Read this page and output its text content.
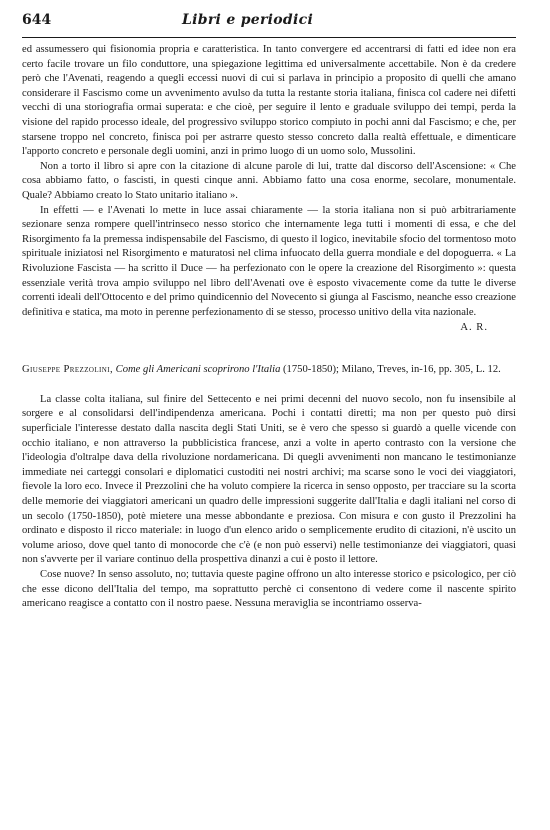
644	Libri e periodici

ed assumessero qui fisionomia propria e caratteristica. In tanto convergere ed accentrarsi di fatti ed idee non era certo facile trovare un filo conduttore, una spiegazione legittima ed universalmente accettabile. Non è da credere però che l'Avenati, reagendo a quegli eccessi nuovi di cui si parlava in principio a proposito di quelli che amano considerare il Fascismo come un avvenimento avulso da tutta la restante storia italiana, finisca col cadere nei difetti vecchi di una storiografia ormai superata: e che cioè, per seguire il lento e graduale sviluppo dei tempi, perda la visione del rapido processo ideale, del progressivo sviluppo storico compiuto in pochi anni dal Fascismo; e che, per starsene troppo nel concreto, finisca poi per astrarre questo stesso concreto dalla realtà effettuale, e dimenticare l'apporto concreto e personale degli uomini, anzi in primo luogo di un uomo solo, Mussolini.

Non a torto il libro si apre con la citazione di alcune parole di lui, tratte dal discorso dell'Ascensione: « Che cosa abbiamo fatto, o fascisti, in questi cinque anni. Abbiamo fatto una cosa enorme, secolare, monumentale. Quale? Abbiamo creato lo Stato unitario italiano ».

In effetti — e l'Avenati lo mette in luce assai chiaramente — la storia italiana non si può arbitrariamente sezionare senza rompere quell'intrinseco nesso storico che internamente lega tutti i momenti di essa, e che del Risorgimento fa la premessa indispensabile del Fascismo, di questo il logico, inevitabile sfocio del tormentoso moto spirituale iniziatosi nel Risorgimento e maturatosi nel clima infuocato della guerra mondiale e del dopoguerra. « La Rivoluzione Fascista — ha scritto il Duce — ha perfezionato con le opere la creazione del Risorgimento »: questa essenziale verità trova ampio sviluppo nel libro dell'Avenati ove è esposto vivacemente come da tutte le diverse correnti ideali dell'Ottocento e del primo quindicennio del Novecento si giunga al Fascismo, neanche esso creazione definitiva e statica, ma moto in perenne perfezionamento di se stesso, processo unitivo della vita nazionale.

A. R.
Giuseppe Prezzolini, Come gli Americani scoprirono l'Italia (1750-1850); Milano, Treves, in-16, pp. 305, L. 12.

La classe colta italiana, sul finire del Settecento e nei primi decenni del nuovo secolo, non fu insensibile al sorgere e al consolidarsi dell'indipendenza americana. Pochi i contatti diretti; ma non per questo può dirsi superficiale l'interesse destato dalla nascita degli Stati Uniti, se è vero che spesso si guardò a quelle vicende con occhio italiano, e non attraverso la pubblicistica francese, anzi a volte in aperto contrasto con la versione che l'ideologia d'oltralpe dava della rivoluzione nordamericana. Di quegli avvenimenti non mancano le testimonianze immediate nei carteggi consolari e diplomatici custoditi nei nostri archivi; ma scarse sono le voci dei viaggiatori, fievole la loro eco. Invece il Prezzolini che ha voluto compiere la ricerca in senso opposto, per tracciare su la scorta delle memorie dei viaggiatori americani un quadro delle impressioni suggerite dall'Italia e dagli italiani nel corso di un secolo (1750-1850), potè mietere una messe abbondante e preziosa. Con misura e con gusto il Prezzolini ha ordinato e disposto il ricco materiale: in luogo d'un elenco arido o semplicemente erudito di citazioni, n'è uscito un volume arioso, dove quel tanto di monocorde che c'è (e non può esservi) nelle testimonianze dei viaggiatori, quasi non s'avverte per il variare continuo della prospettiva dinanzi a cui è posto il lettore.

Cose nuove? In senso assoluto, no; tuttavia queste pagine offrono un alto interesse storico e psicologico, per ciò che esse dicono dell'Italia del tempo, ma soprattutto perchè ci consentono di vedere come il nascente spirito americano reagisce a contatto con il nostro paese. Nessuna meraviglia se incontriamo osserva-
